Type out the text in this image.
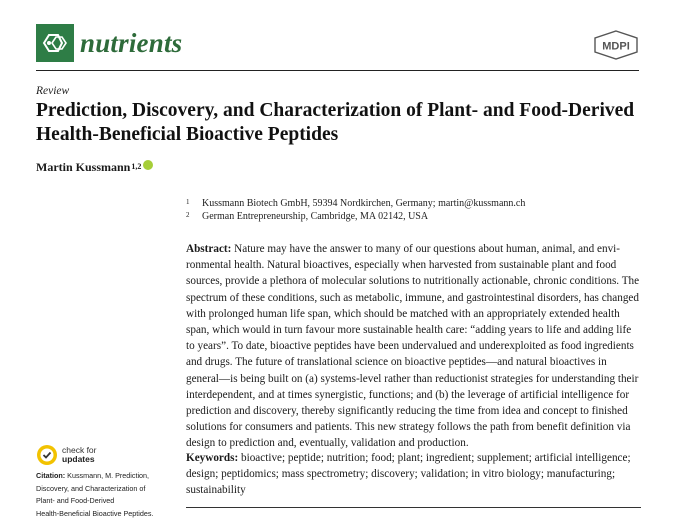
nutrients	MDPI
Review
Prediction, Discovery, and Characterization of Plant- and Food-Derived Health-Beneficial Bioactive Peptides
Martin Kussmann$^{1,2}$
1 Kussmann Biotech GmbH, 59394 Nordkirchen, Germany; martin@kussmann.ch
2 German Entrepreneurship, Cambridge, MA 02142, USA
Abstract: Nature may have the answer to many of our questions about human, animal, and envi-
ronmental health. Natural bioactives, especially when harvested from sustainable plant and food
sources, provide a plethora of molecular solutions to nutritionally actionable, chronic conditions. The
spectrum of these conditions, such as metabolic, immune, and gastrointestinal disorders, has changed
with prolonged human life span, which should be matched with an appropriately extended health
span, which would in turn favour more sustainable health care: “adding years to life and adding life
to years”. To date, bioactive peptides have been undervalued and underexploited as food ingredients
and drugs. The future of translational science on bioactive peptides—and natural bioactives in
general—is being built on (a) systems-level rather than reductionist strategies for understanding their
interdependent, and at times synergistic, functions; and (b) the leverage of artificial intelligence for
prediction and discovery, thereby significantly reducing the time from idea and concept to finished
solutions for consumers and patients. This new strategy follows the path from benefit definition via
design to prediction and, eventually, validation and production.
Keywords: bioactive; peptide; nutrition; food; plant; ingredient; supplement; artificial intelligence;
design; peptidomics; mass spectrometry; discovery; validation; in vitro biology; manufacturing;
sustainability
check for
updates
Citation: Kussmann, M. Prediction,
Discovery, and Characterization of
Plant- and Food-Derived
Health-Beneficial Bioactive Peptides.
